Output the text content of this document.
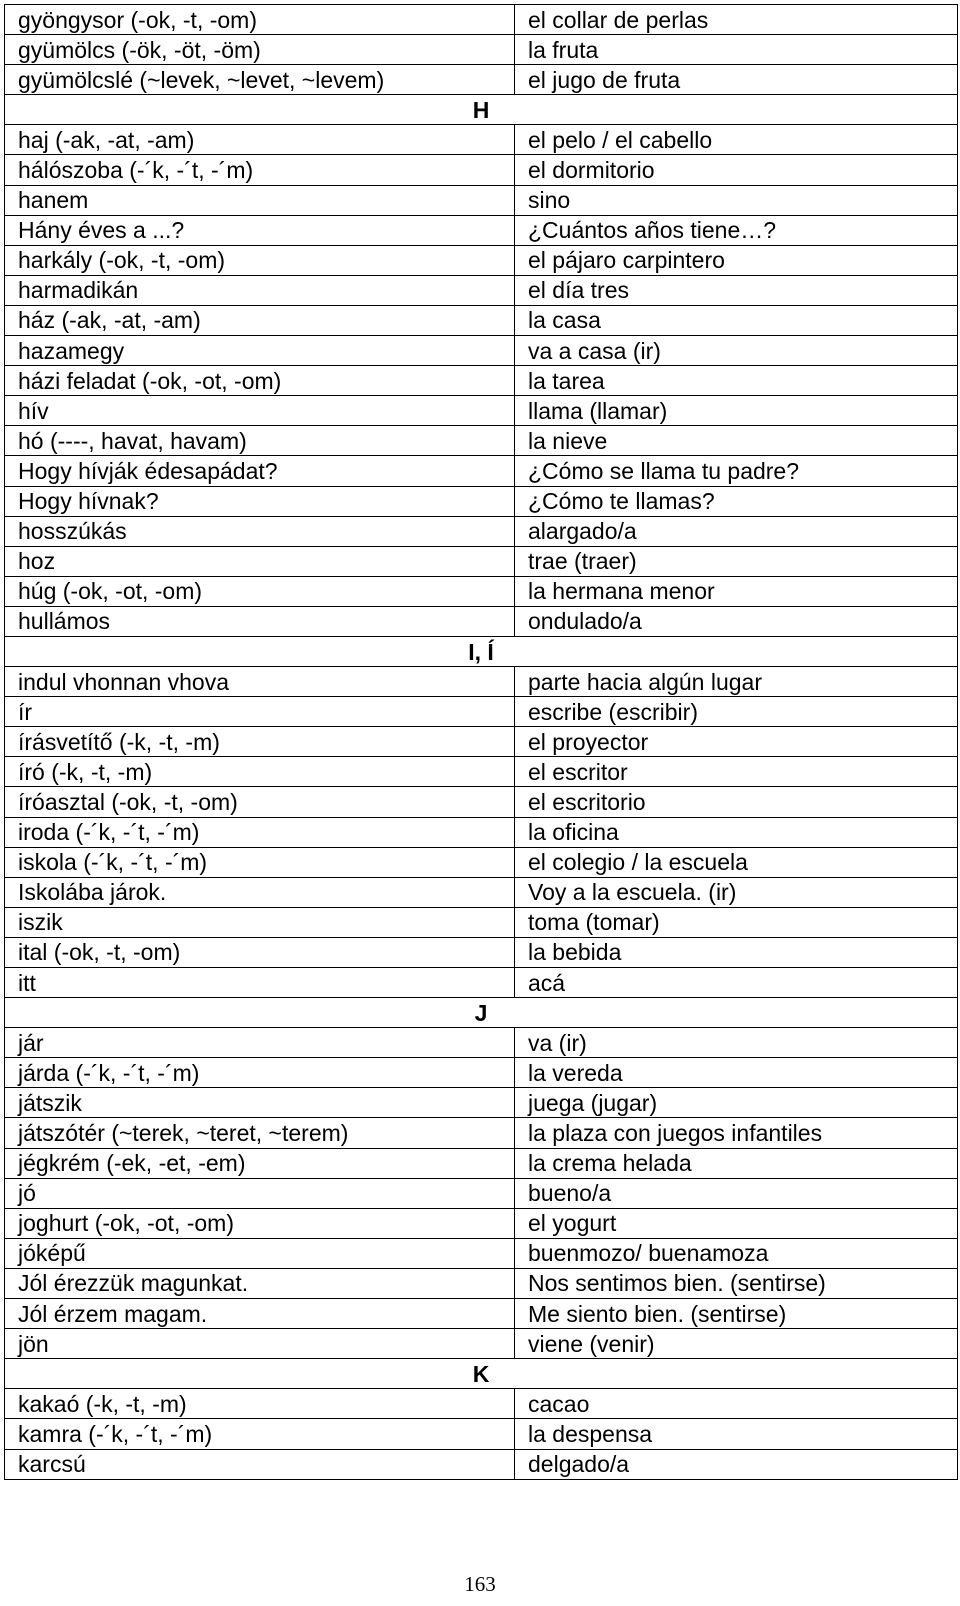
gyöngysor (-ok, -t, -om)	el collar de perlas
gyümölcs (-ök, -öt, -öm)	la fruta
gyümölcslé (~levek, ~levet, ~levem)	el jugo de fruta
H	
haj (-ak, -at, -am)	el pelo / el cabello
hálószoba (-´k, -´t, -´m)	el dormitorio
hanem	sino
Hány éves a ...?	¿Cuántos años tiene…?
harkály (-ok, -t, -om)	el pájaro carpintero
harmadikán	el día tres
ház (-ak, -at, -am)	la casa
hazamegy	va a casa (ir)
házi feladat (-ok, -ot, -om)	la tarea
hív	llama (llamar)
hó (----, havat, havam)	la nieve
Hogy hívják édesapádat?	¿Cómo se llama tu padre?
Hogy hívnak?	¿Cómo te llamas?
hosszúkás	alargado/a
hoz	trae (traer)
húg (-ok, -ot, -om)	la hermana menor
hullámos	ondulado/a
I, Í	
indul vhonnan vhova	parte hacia algún lugar
ír	escribe (escribir)
írásvetítő (-k, -t, -m)	el proyector
író (-k, -t, -m)	el escritor
íróasztal (-ok, -t, -om)	el escritorio
iroda (-´k, -´t, -´m)	la oficina
iskola (-´k, -´t, -´m)	el colegio / la escuela
Iskolába járok.	Voy a la escuela. (ir)
iszik	toma (tomar)
ital (-ok, -t, -om)	la bebida
itt	acá
J	
jár	va (ir)
járda (-´k, -´t, -´m)	la vereda
játszik	juega (jugar)
játszótér (~terek, ~teret, ~terem)	la plaza con juegos infantiles
jégkrém (-ek, -et, -em)	la crema helada
jó	bueno/a
joghurt (-ok, -ot, -om)	el yogurt
jóképű	buenmozo/ buenamoza
Jól érezzük magunkat.	Nos sentimos bien. (sentirse)
Jól érzem magam.	Me siento bien. (sentirse)
jön	viene (venir)
K	
kakaó (-k, -t, -m)	cacao
kamra (-´k, -´t, -´m)	la despensa
karcsú	delgado/a
163
